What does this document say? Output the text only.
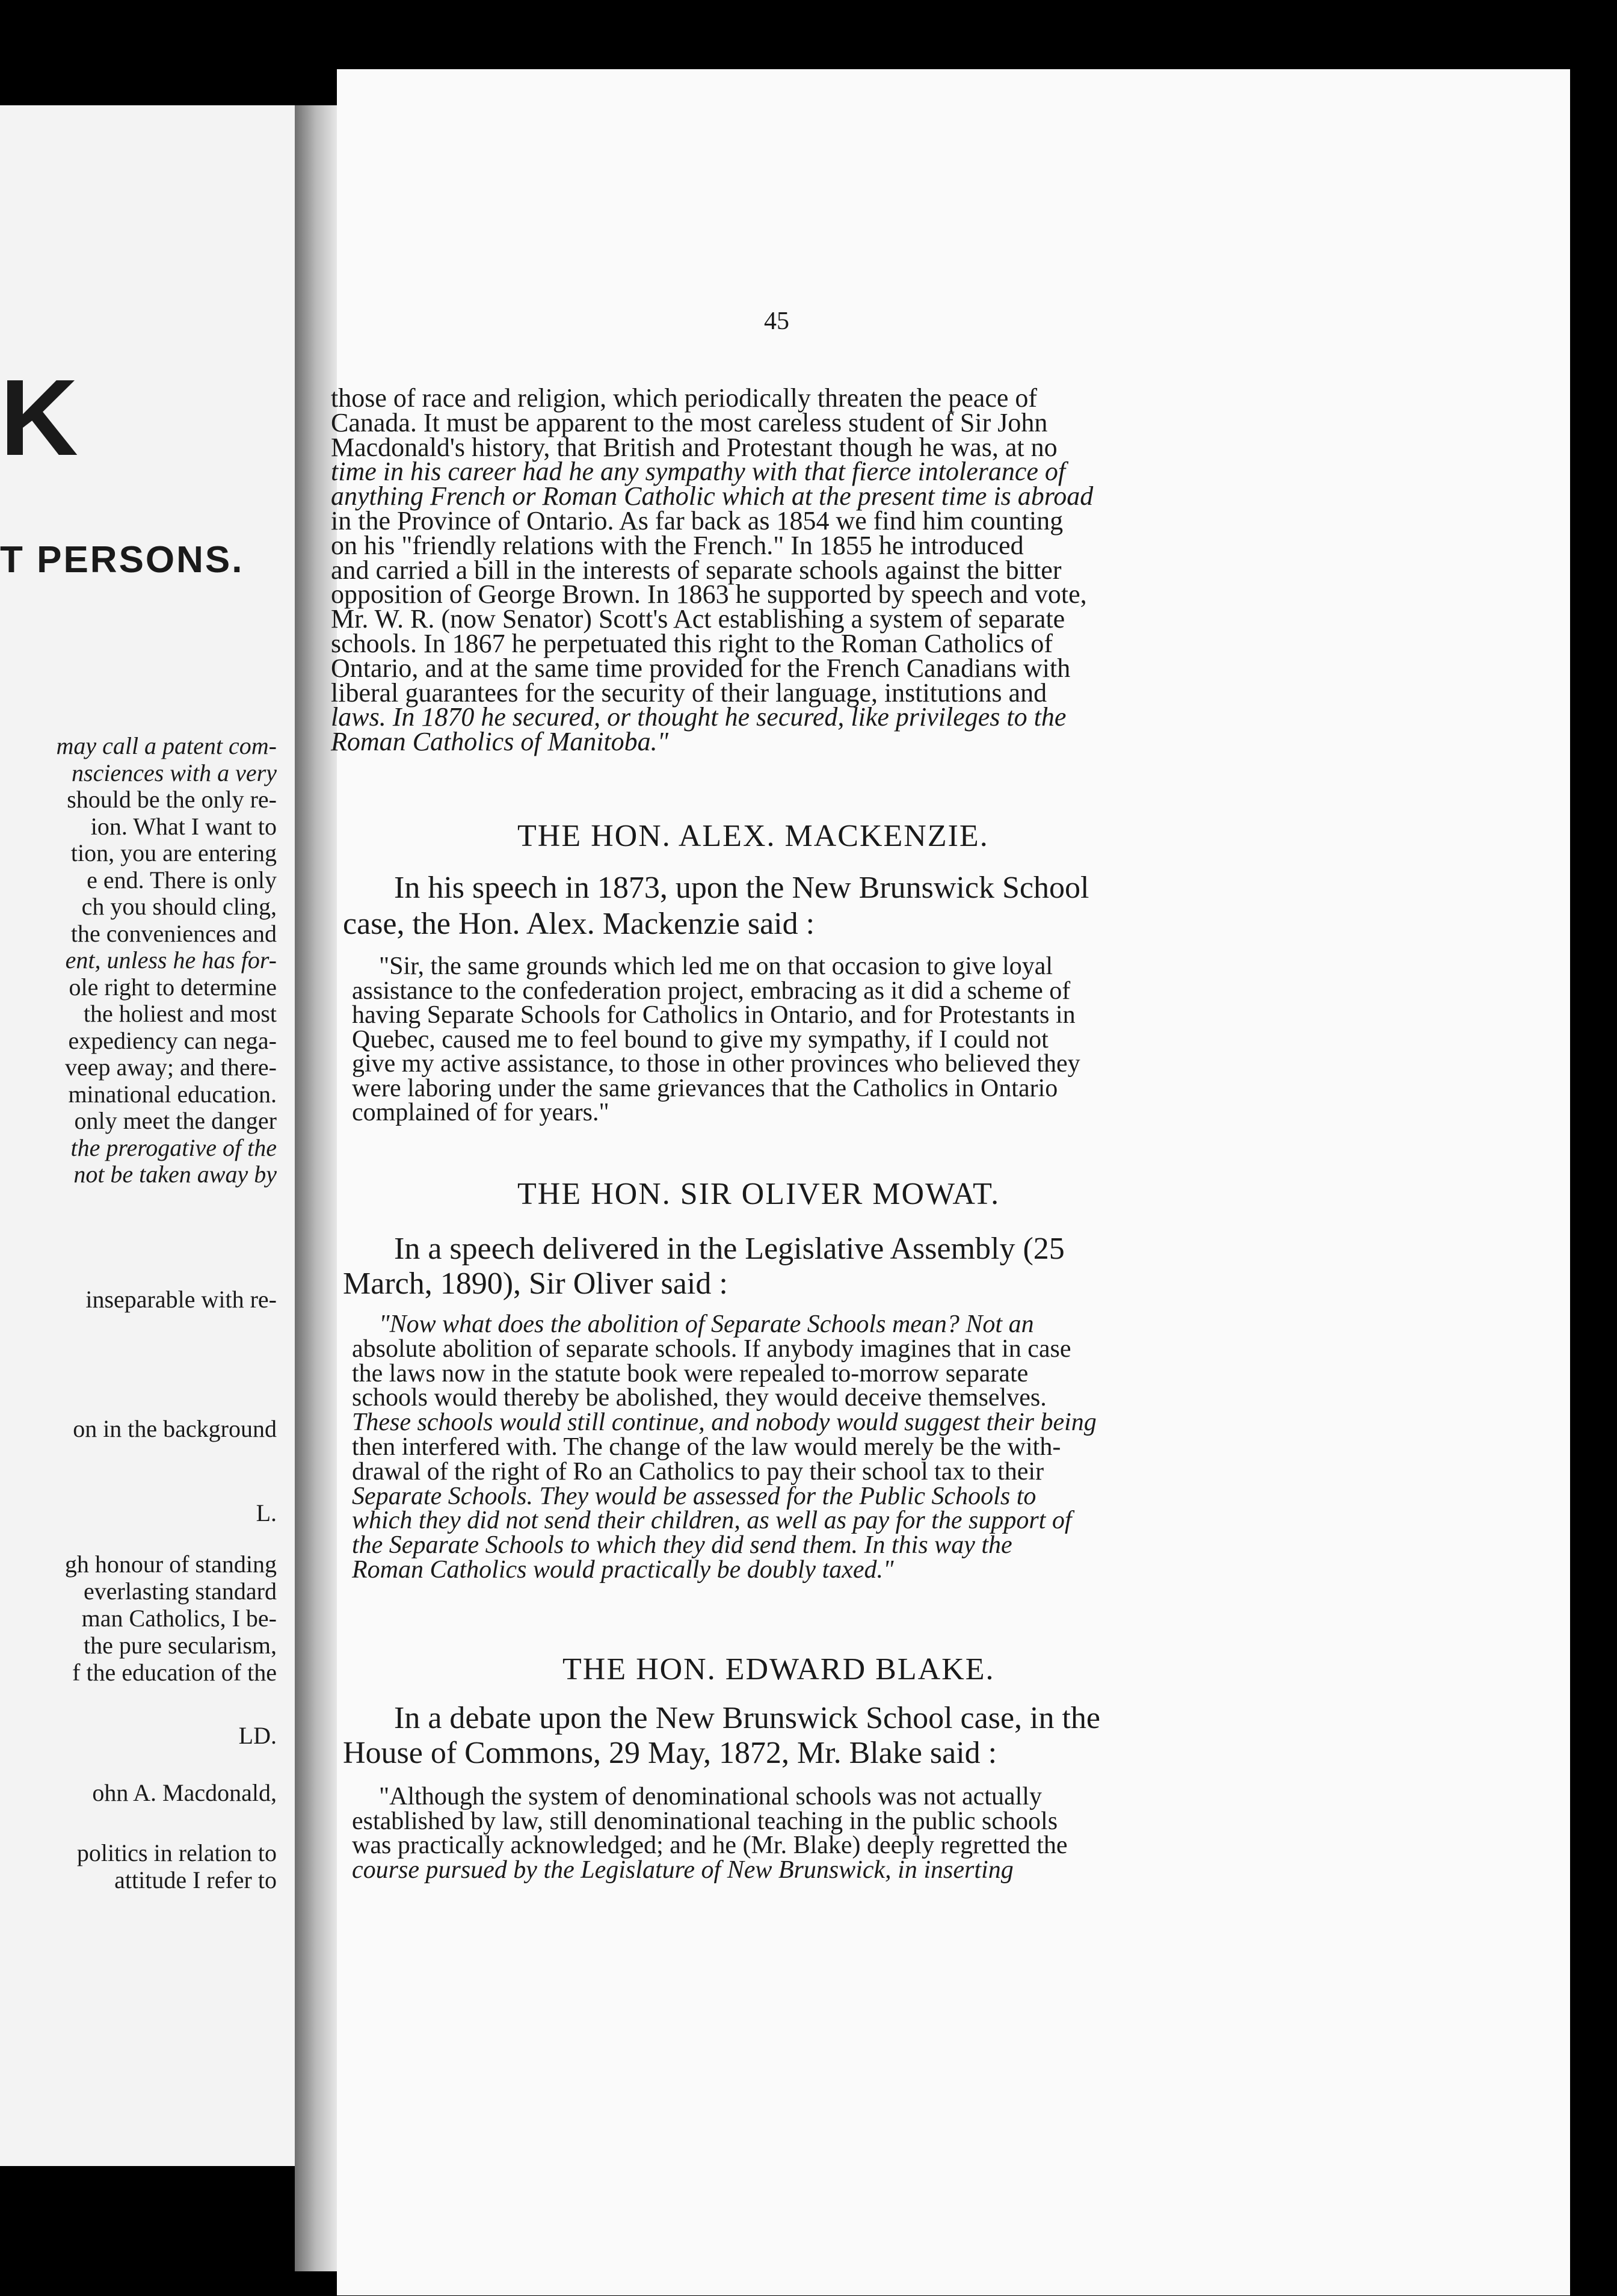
K
T PERSONS.
may call a patent com-
nsciences with a very
should be the only re-
ion. What I want to
tion, you are entering
e end. There is only
ch you should cling,
the conveniences and
ent, unless he has for-
ole right to determine
the holiest and most
expediency can nega-
veep away; and there-
minational education.
only meet the danger
the prerogative of the
not be taken away by
inseparable with re-
on in the background
L.
gh honour of standing
everlasting standard
man Catholics, I be-
the pure secularism,
f the education of the
LD.
ohn A. Macdonald,
politics in relation to
attitude I refer to
45
those of race and religion, which periodically threaten the peace of
Canada. It must be apparent to the most careless student of Sir John
Macdonald's history, that British and Protestant though he was, at no
time in his career had he any sympathy with that fierce intolerance of
anything French or Roman Catholic which at the present time is abroad
in the Province of Ontario. As far back as 1854 we find him counting
on his "friendly relations with the French." In 1855 he introduced
and carried a bill in the interests of separate schools against the bitter
opposition of George Brown. In 1863 he supported by speech and vote,
Mr. W. R. (now Senator) Scott's Act establishing a system of separate
schools. In 1867 he perpetuated this right to the Roman Catholics of
Ontario, and at the same time provided for the French Canadians with
liberal guarantees for the security of their language, institutions and
laws. In 1870 he secured, or thought he secured, like privileges to the
Roman Catholics of Manitoba."
THE HON. ALEX. MACKENZIE.
In his speech in 1873, upon the New Brunswick School
case, the Hon. Alex. Mackenzie said :
"Sir, the same grounds which led me on that occasion to give loyal
assistance to the confederation project, embracing as it did a scheme of
having Separate Schools for Catholics in Ontario, and for Protestants in
Quebec, caused me to feel bound to give my sympathy, if I could not
give my active assistance, to those in other provinces who believed they
were laboring under the same grievances that the Catholics in Ontario
complained of for years."
THE HON. SIR OLIVER MOWAT.
In a speech delivered in the Legislative Assembly (25
March, 1890), Sir Oliver said :
"Now what does the abolition of Separate Schools mean? Not an
absolute abolition of separate schools. If anybody imagines that in case
the laws now in the statute book were repealed to-morrow separate
schools would thereby be abolished, they would deceive themselves.
These schools would still continue, and nobody would suggest their being
then interfered with. The change of the law would merely be the with-
drawal of the right of Ro an Catholics to pay their school tax to their
Separate Schools. They would be assessed for the Public Schools to
which they did not send their children, as well as pay for the support of
the Separate Schools to which they did send them. In this way the
Roman Catholics would practically be doubly taxed."
THE HON. EDWARD BLAKE.
In a debate upon the New Brunswick School case, in the
House of Commons, 29 May, 1872, Mr. Blake said :
"Although the system of denominational schools was not actually
established by law, still denominational teaching in the public schools
was practically acknowledged; and he (Mr. Blake) deeply regretted the
course pursued by the Legislature of New Brunswick, in inserting
